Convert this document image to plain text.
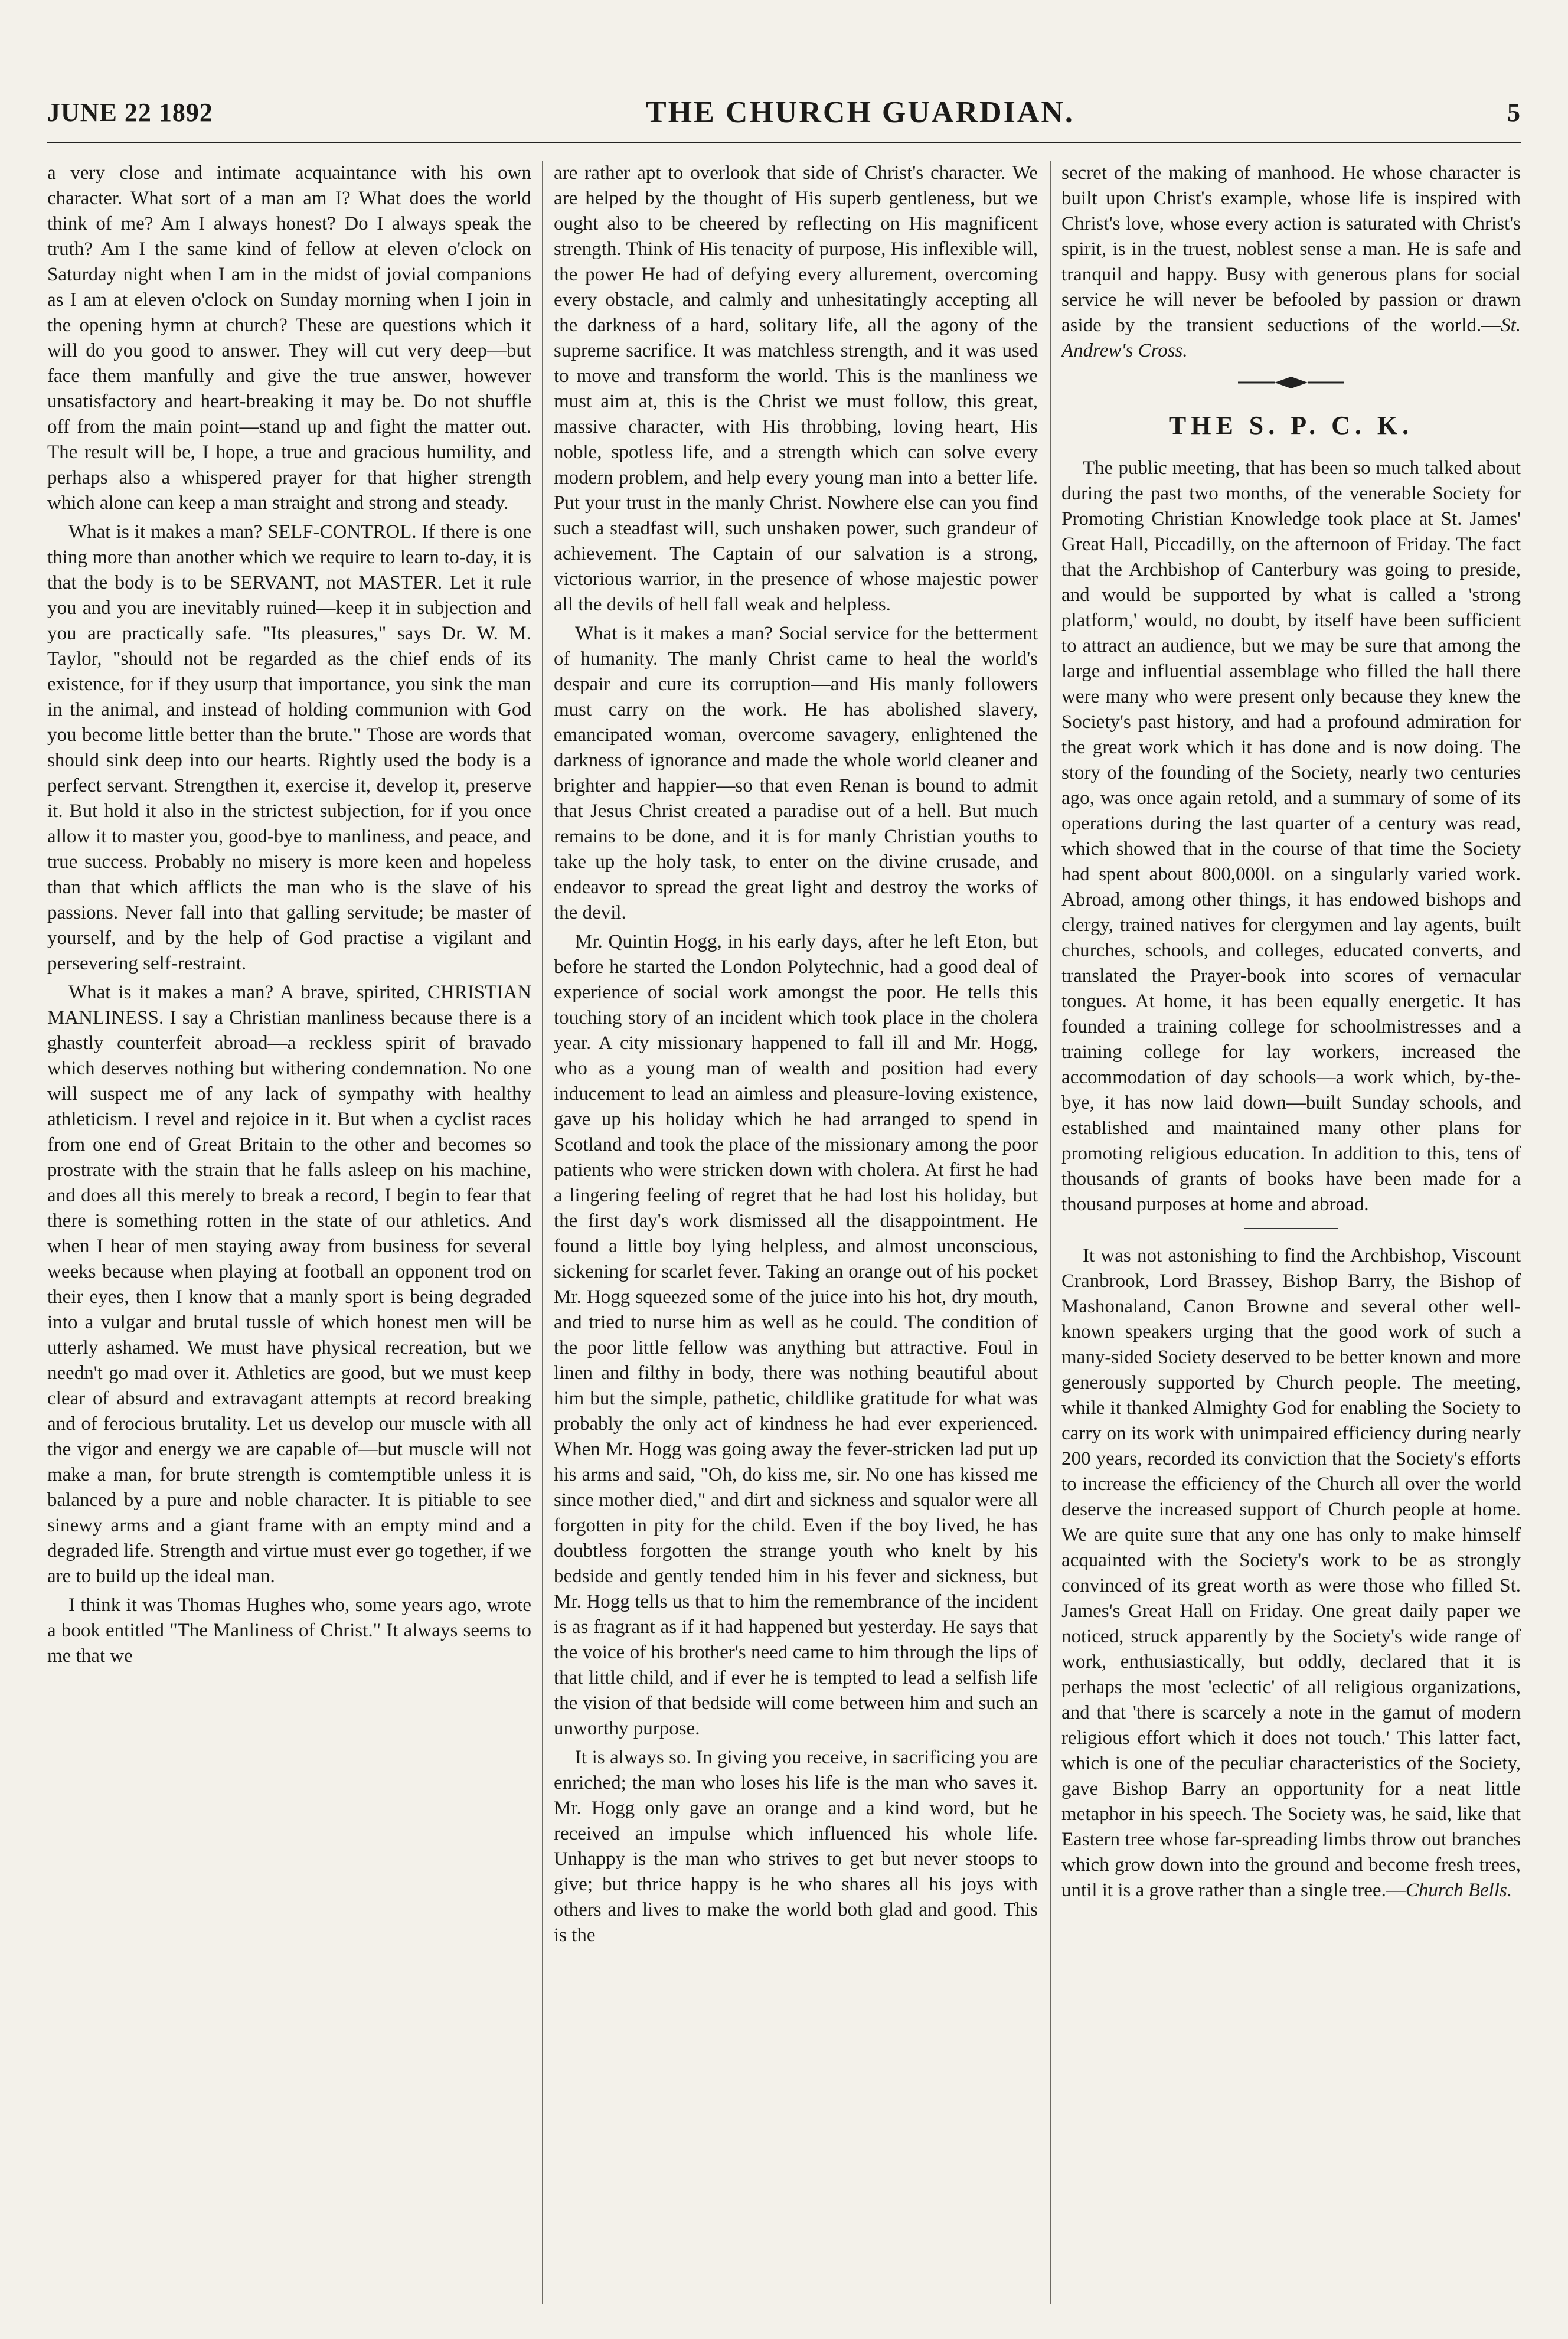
JUNE 22 1892	THE CHURCH GUARDIAN.	5

a very close and intimate acquaintance with his own character. What sort of a man am I? What does the world think of me? Am I always honest? Do I always speak the truth? Am I the same kind of fellow at eleven o'clock on Saturday night when I am in the midst of jovial companions as I am at eleven o'clock on Sunday morning when I join in the opening hymn at church? These are questions which it will do you good to answer. They will cut very deep—but face them manfully and give the true answer, however unsatisfactory and heart-breaking it may be. Do not shuffle off from the main point—stand up and fight the matter out. The result will be, I hope, a true and gracious humility, and perhaps also a whispered prayer for that higher strength which alone can keep a man straight and strong and steady.

What is it makes a man? SELF-CONTROL. If there is one thing more than another which we require to learn to-day, it is that the body is to be SERVANT, not MASTER. Let it rule you and you are inevitably ruined—keep it in subjection and you are practically safe. "Its pleasures," says Dr. W. M. Taylor, "should not be regarded as the chief ends of its existence, for if they usurp that importance, you sink the man in the animal, and instead of holding communion with God you become little better than the brute." Those are words that should sink deep into our hearts. Rightly used the body is a perfect servant. Strengthen it, exercise it, develop it, preserve it. But hold it also in the strictest subjection, for if you once allow it to master you, good-bye to manliness, and peace, and true success. Probably no misery is more keen and hopeless than that which afflicts the man who is the slave of his passions. Never fall into that galling servitude; be master of yourself, and by the help of God practise a vigilant and persevering self-restraint.

What is it makes a man? A brave, spirited, CHRISTIAN MANLINESS. I say a Christian manliness because there is a ghastly counterfeit abroad—a reckless spirit of bravado which deserves nothing but withering condemnation. No one will suspect me of any lack of sympathy with healthy athleticism. I revel and rejoice in it. But when a cyclist races from one end of Great Britain to the other and becomes so prostrate with the strain that he falls asleep on his machine, and does all this merely to break a record, I begin to fear that there is something rotten in the state of our athletics. And when I hear of men staying away from business for several weeks because when playing at football an opponent trod on their eyes, then I know that a manly sport is being degraded into a vulgar and brutal tussle of which honest men will be utterly ashamed. We must have physical recreation, but we needn't go mad over it. Athletics are good, but we must keep clear of absurd and extravagant attempts at record breaking and of ferocious brutality. Let us develop our muscle with all the vigor and energy we are capable of—but muscle will not make a man, for brute strength is comtemptible unless it is balanced by a pure and noble character. It is pitiable to see sinewy arms and a giant frame with an empty mind and a degraded life. Strength and virtue must ever go together, if we are to build up the ideal man.

I think it was Thomas Hughes who, some years ago, wrote a book entitled "The Manliness of Christ." It always seems to me that we

are rather apt to overlook that side of Christ's character. We are helped by the thought of His superb gentleness, but we ought also to be cheered by reflecting on His magnificent strength. Think of His tenacity of purpose, His inflexible will, the power He had of defying every allurement, overcoming every obstacle, and calmly and unhesitatingly accepting all the darkness of a hard, solitary life, all the agony of the supreme sacrifice. It was matchless strength, and it was used to move and transform the world. This is the manliness we must aim at, this is the Christ we must follow, this great, massive character, with His throbbing, loving heart, His noble, spotless life, and a strength which can solve every modern problem, and help every young man into a better life. Put your trust in the manly Christ. Nowhere else can you find such a steadfast will, such unshaken power, such grandeur of achievement. The Captain of our salvation is a strong, victorious warrior, in the presence of whose majestic power all the devils of hell fall weak and helpless.

What is it makes a man? Social service for the betterment of humanity. The manly Christ came to heal the world's despair and cure its corruption—and His manly followers must carry on the work. He has abolished slavery, emancipated woman, overcome savagery, enlightened the darkness of ignorance and made the whole world cleaner and brighter and happier—so that even Renan is bound to admit that Jesus Christ created a paradise out of a hell. But much remains to be done, and it is for manly Christian youths to take up the holy task, to enter on the divine crusade, and endeavor to spread the great light and destroy the works of the devil.

Mr. Quintin Hogg, in his early days, after he left Eton, but before he started the London Polytechnic, had a good deal of experience of social work amongst the poor. He tells this touching story of an incident which took place in the cholera year. A city missionary happened to fall ill and Mr. Hogg, who as a young man of wealth and position had every inducement to lead an aimless and pleasure-loving existence, gave up his holiday which he had arranged to spend in Scotland and took the place of the missionary among the poor patients who were stricken down with cholera. At first he had a lingering feeling of regret that he had lost his holiday, but the first day's work dismissed all the disappointment. He found a little boy lying helpless, and almost unconscious, sickening for scarlet fever. Taking an orange out of his pocket Mr. Hogg squeezed some of the juice into his hot, dry mouth, and tried to nurse him as well as he could. The condition of the poor little fellow was anything but attractive. Foul in linen and filthy in body, there was nothing beautiful about him but the simple, pathetic, childlike gratitude for what was probably the only act of kindness he had ever experienced. When Mr. Hogg was going away the fever-stricken lad put up his arms and said, "Oh, do kiss me, sir. No one has kissed me since mother died," and dirt and sickness and squalor were all forgotten in pity for the child. Even if the boy lived, he has doubtless forgotten the strange youth who knelt by his bedside and gently tended him in his fever and sickness, but Mr. Hogg tells us that to him the remembrance of the incident is as fragrant as if it had happened but yesterday. He says that the voice of his brother's need came to him through the lips of that little child, and if ever he is tempted to lead a selfish life the vision of that bedside will come between him and such an unworthy purpose.

It is always so. In giving you receive, in sacrificing you are enriched; the man who loses his life is the man who saves it. Mr. Hogg only gave an orange and a kind word, but he received an impulse which influenced his whole life. Unhappy is the man who strives to get but never stoops to give; but thrice happy is he who shares all his joys with others and lives to make the world both glad and good. This is the

secret of the making of manhood. He whose character is built upon Christ's example, whose life is inspired with Christ's love, whose every action is saturated with Christ's spirit, is in the truest, noblest sense a man. He is safe and tranquil and happy. Busy with generous plans for social service he will never be befooled by passion or drawn aside by the transient seductions of the world.—St. Andrew's Cross.

THE S. P. C. K.

The public meeting, that has been so much talked about during the past two months, of the venerable Society for Promoting Christian Knowledge took place at St. James' Great Hall, Piccadilly, on the afternoon of Friday. The fact that the Archbishop of Canterbury was going to preside, and would be supported by what is called a 'strong platform,' would, no doubt, by itself have been sufficient to attract an audience, but we may be sure that among the large and influential assemblage who filled the hall there were many who were present only because they knew the Society's past history, and had a profound admiration for the great work which it has done and is now doing. The story of the founding of the Society, nearly two centuries ago, was once again retold, and a summary of some of its operations during the last quarter of a century was read, which showed that in the course of that time the Society had spent about 800,000l. on a singularly varied work. Abroad, among other things, it has endowed bishops and clergy, trained natives for clergymen and lay agents, built churches, schools, and colleges, educated converts, and translated the Prayer-book into scores of vernacular tongues. At home, it has been equally energetic. It has founded a training college for schoolmistresses and a training college for lay workers, increased the accommodation of day schools—a work which, by-the-bye, it has now laid down—built Sunday schools, and established and maintained many other plans for promoting religious education. In addition to this, tens of thousands of grants of books have been made for a thousand purposes at home and abroad.

It was not astonishing to find the Archbishop, Viscount Cranbrook, Lord Brassey, Bishop Barry, the Bishop of Mashonaland, Canon Browne and several other well-known speakers urging that the good work of such a many-sided Society deserved to be better known and more generously supported by Church people. The meeting, while it thanked Almighty God for enabling the Society to carry on its work with unimpaired efficiency during nearly 200 years, recorded its conviction that the Society's efforts to increase the efficiency of the Church all over the world deserve the increased support of Church people at home. We are quite sure that any one has only to make himself acquainted with the Society's work to be as strongly convinced of its great worth as were those who filled St. James's Great Hall on Friday. One great daily paper we noticed, struck apparently by the Society's wide range of work, enthusiastically, but oddly, declared that it is perhaps the most 'eclectic' of all religious organizations, and that 'there is scarcely a note in the gamut of modern religious effort which it does not touch.' This latter fact, which is one of the peculiar characteristics of the Society, gave Bishop Barry an opportunity for a neat little metaphor in his speech. The Society was, he said, like that Eastern tree whose far-spreading limbs throw out branches which grow down into the ground and become fresh trees, until it is a grove rather than a single tree.—Church Bells.
